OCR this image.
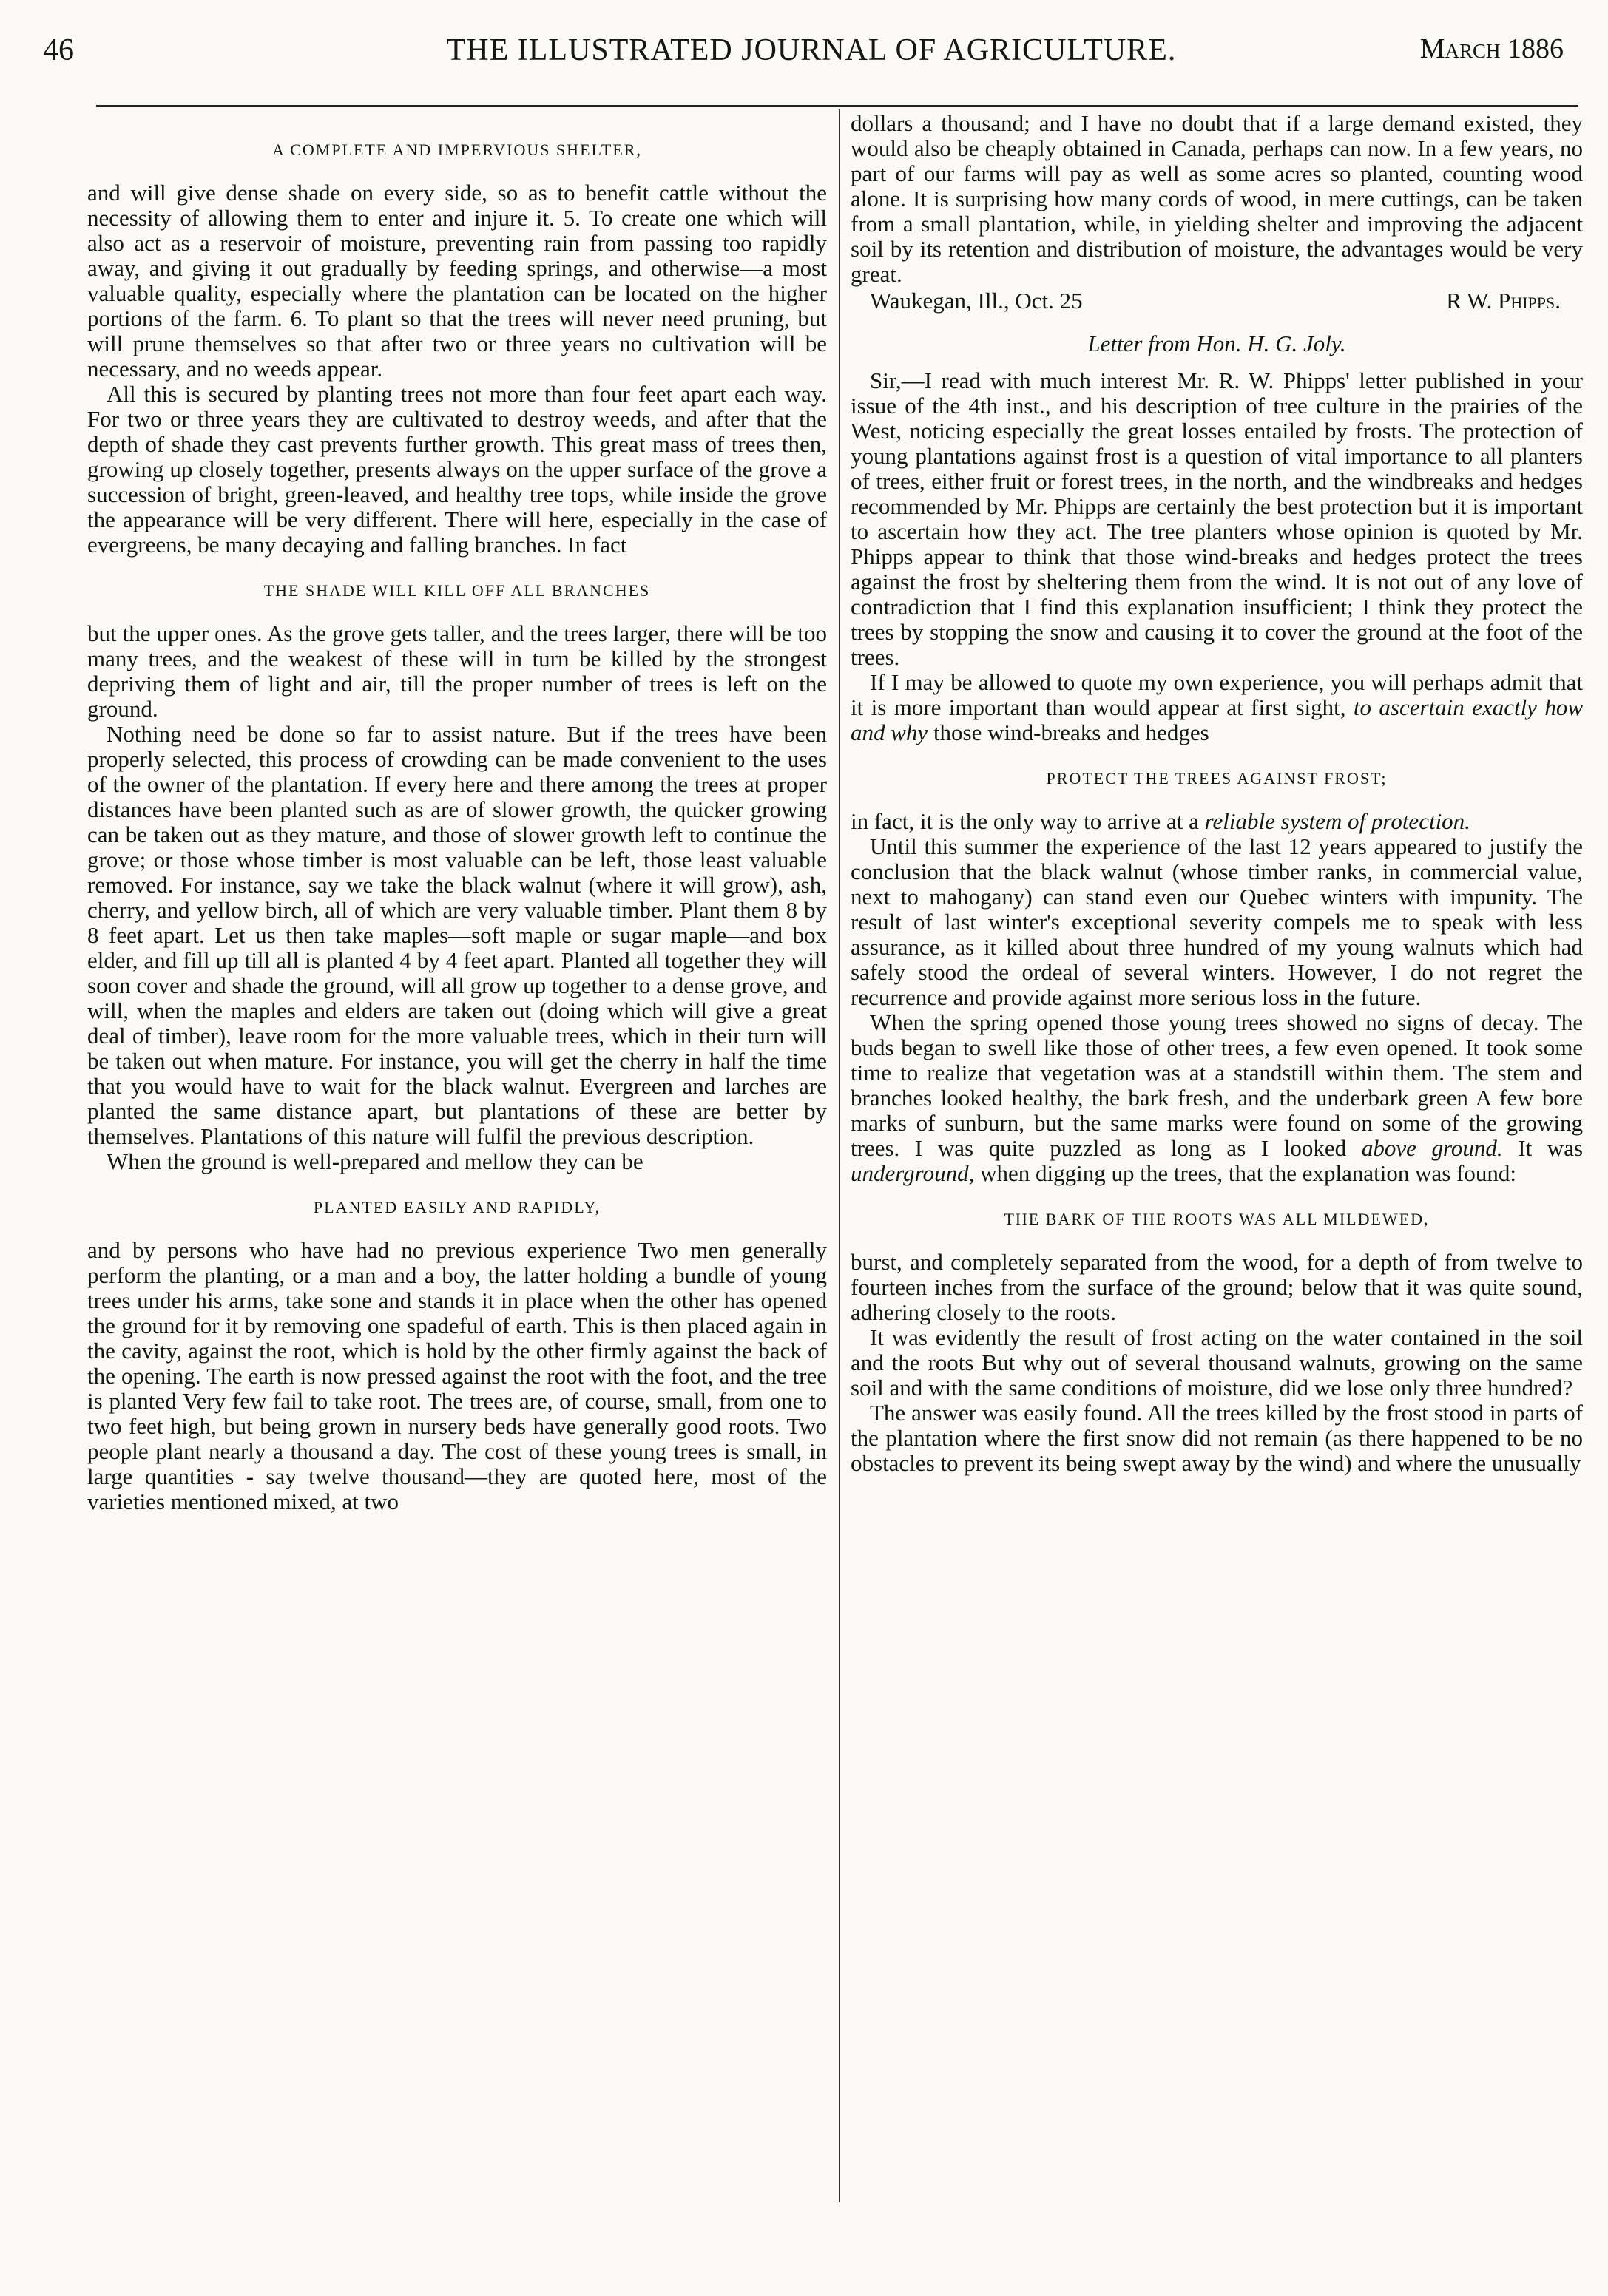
46	THE ILLUSTRATED JOURNAL OF AGRICULTURE.	March 1886
A COMPLETE AND IMPERVIOUS SHELTER,

and will give dense shade on every side, so as to benefit cattle without the necessity of allowing them to enter and injure it. 5. To create one which will also act as a reservoir of moisture, preventing rain from passing too rapidly away, and giving it out gradually by feeding springs, and otherwise—a most valuable quality, especially where the plantation can be located on the higher portions of the farm. 6. To plant so that the trees will never need pruning, but will prune themselves so that after two or three years no cultivation will be necessary, and no weeds appear.

All this is secured by planting trees not more than four feet apart each way. For two or three years they are cultivated to destroy weeds, and after that the depth of shade they cast prevents further growth. This great mass of trees then, growing up closely together, presents always on the upper surface of the grove a succession of bright, green-leaved, and healthy tree tops, while inside the grove the appearance will be very different. There will here, especially in the case of evergreens, be many decaying and falling branches. In fact

THE SHADE WILL KILL OFF ALL BRANCHES

but the upper ones. As the grove gets taller, and the trees larger, there will be too many trees, and the weakest of these will in turn be killed by the strongest depriving them of light and air, till the proper number of trees is left on the ground.

Nothing need be done so far to assist nature. But if the trees have been properly selected, this process of crowding can be made convenient to the uses of the owner of the plantation. If every here and there among the trees at proper distances have been planted such as are of slower growth, the quicker growing can be taken out as they mature, and those of slower growth left to continue the grove; or those whose timber is most valuable can be left, those least valuable removed. For instance, say we take the black walnut (where it will grow), ash, cherry, and yellow birch, all of which are very valuable timber. Plant them 8 by 8 feet apart. Let us then take maples—soft maple or sugar maple—and box elder, and fill up till all is planted 4 by 4 feet apart. Planted all together they will soon cover and shade the ground, will all grow up together to a dense grove, and will, when the maples and elders are taken out (doing which will give a great deal of timber), leave room for the more valuable trees, which in their turn will be taken out when mature. For instance, you will get the cherry in half the time that you would have to wait for the black walnut. Evergreen and larches are planted the same distance apart, but plantations of these are better by themselves. Plantations of this nature will fulfil the previous description.

When the ground is well-prepared and mellow they can be

PLANTED EASILY AND RAPIDLY,

and by persons who have had no previous experience Two men generally perform the planting, or a man and a boy, the latter holding a bundle of young trees under his arms, take sone and stands it in place when the other has opened the ground for it by removing one spadeful of earth. This is then placed again in the cavity, against the root, which is hold by the other firmly against the back of the opening. The earth is now pressed against the root with the foot, and the tree is planted Very few fail to take root. The trees are, of course, small, from one to two feet high, but being grown in nursery beds have generally good roots. Two people plant nearly a thousand a day. The cost of these young trees is small, in large quantities - say twelve thousand—they are quoted here, most of the varieties mentioned mixed, at two

dollars a thousand; and I have no doubt that if a large demand existed, they would also be cheaply obtained in Canada, perhaps can now. In a few years, no part of our farms will pay as well as some acres so planted, counting wood alone. It is surprising how many cords of wood, in mere cuttings, can be taken from a small plantation, while, in yielding shelter and improving the adjacent soil by its retention and distribution of moisture, the advantages would be very great.

Waukegan, Ill., Oct. 25	R W. Phipps.
Letter from Hon. H. G. Joly.

Sir,—I read with much interest Mr. R. W. Phipps' letter published in your issue of the 4th inst., and his description of tree culture in the prairies of the West, noticing especially the great losses entailed by frosts. The protection of young plantations against frost is a question of vital importance to all planters of trees, either fruit or forest trees, in the north, and the windbreaks and hedges recommended by Mr. Phipps are certainly the best protection but it is important to ascertain how they act. The tree planters whose opinion is quoted by Mr. Phipps appear to think that those wind-breaks and hedges protect the trees against the frost by sheltering them from the wind. It is not out of any love of contradiction that I find this explanation insufficient; I think they protect the trees by stopping the snow and causing it to cover the ground at the foot of the trees.

If I may be allowed to quote my own experience, you will perhaps admit that it is more important than would appear at first sight, to ascertain exactly how and why those wind-breaks and hedges

PROTECT THE TREES AGAINST FROST;

in fact, it is the only way to arrive at a reliable system of protection.

Until this summer the experience of the last 12 years appeared to justify the conclusion that the black walnut (whose timber ranks, in commercial value, next to mahogany) can stand even our Quebec winters with impunity. The result of last winter's exceptional severity compels me to speak with less assurance, as it killed about three hundred of my young walnuts which had safely stood the ordeal of several winters. However, I do not regret the recurrence and provide against more serious loss in the future.

When the spring opened those young trees showed no signs of decay. The buds began to swell like those of other trees, a few even opened. It took some time to realize that vegetation was at a standstill within them. The stem and branches looked healthy, the bark fresh, and the underbark green A few bore marks of sunburn, but the same marks were found on some of the growing trees. I was quite puzzled as long as I looked above ground. It was underground, when digging up the trees, that the explanation was found:

THE BARK OF THE ROOTS WAS ALL MILDEWED,

burst, and completely separated from the wood, for a depth of from twelve to fourteen inches from the surface of the ground; below that it was quite sound, adhering closely to the roots.

It was evidently the result of frost acting on the water contained in the soil and the roots But why out of several thousand walnuts, growing on the same soil and with the same conditions of moisture, did we lose only three hundred?

The answer was easily found. All the trees killed by the frost stood in parts of the plantation where the first snow did not remain (as there happened to be no obstacles to prevent its being swept away by the wind) and where the unusually
